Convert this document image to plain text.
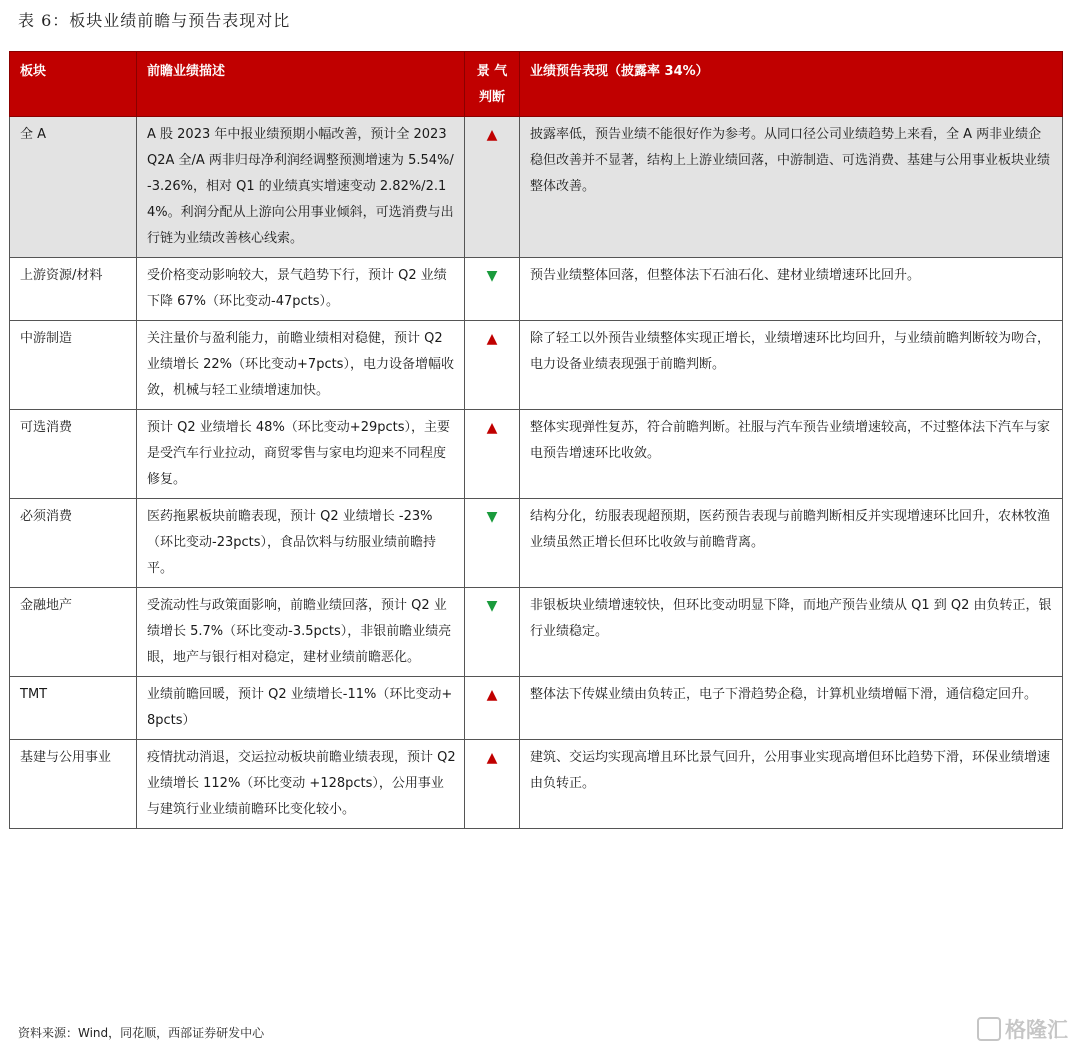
表 6：板块业绩前瞻与预告表现对比
板块	前瞻业绩描述	景 气 判断	业绩预告表现（披露率 34%）
全 A	A 股 2023 年中报业绩预期小幅改善，预计全 2023Q2A 全/A 两非归母净利润经调整预测增速为 5.54%/-3.26%，相对 Q1 的业绩真实增速变动 2.82%/2.14%。利润分配从上游向公用事业倾斜，可选消费与出行链为业绩改善核心线索。	▲	披露率低，预告业绩不能很好作为参考。从同口径公司业绩趋势上来看，全 A 两非业绩企稳但改善并不显著，结构上上游业绩回落，中游制造、可选消费、基建与公用事业板块业绩整体改善。
上游资源/材料	受价格变动影响较大，景气趋势下行，预计 Q2 业绩下降 67%（环比变动-47pcts）。	▼	预告业绩整体回落，但整体法下石油石化、建材业绩增速环比回升。
中游制造	关注量价与盈利能力，前瞻业绩相对稳健，预计 Q2 业绩增长 22%（环比变动+7pcts），电力设备增幅收敛，机械与轻工业绩增速加快。	▲	除了轻工以外预告业绩整体实现正增长，业绩增速环比均回升，与业绩前瞻判断较为吻合，电力设备业绩表现强于前瞻判断。
可选消费	预计 Q2 业绩增长 48%（环比变动+29pcts），主要是受汽车行业拉动，商贸零售与家电均迎来不同程度修复。	▲	整体实现弹性复苏，符合前瞻判断。社服与汽车预告业绩增速较高，不过整体法下汽车与家电预告增速环比收敛。
必须消费	医药拖累板块前瞻表现，预计 Q2 业绩增长 -23%（环比变动-23pcts），食品饮料与纺服业绩前瞻持平。	▼	结构分化，纺服表现超预期，医药预告表现与前瞻判断相反并实现增速环比回升，农林牧渔业绩虽然正增长但环比收敛与前瞻背离。
金融地产	受流动性与政策面影响，前瞻业绩回落，预计 Q2 业绩增长 5.7%（环比变动-3.5pcts），非银前瞻业绩亮眼，地产与银行相对稳定，建材业绩前瞻恶化。	▼	非银板块业绩增速较快，但环比变动明显下降，而地产预告业绩从 Q1 到 Q2 由负转正，银行业绩稳定。
TMT	业绩前瞻回暖，预计 Q2 业绩增长-11%（环比变动+8pcts）	▲	整体法下传媒业绩由负转正，电子下滑趋势企稳，计算机业绩增幅下滑，通信稳定回升。
基建与公用事业	疫情扰动消退，交运拉动板块前瞻业绩表现，预计 Q2 业绩增长 112%（环比变动 +128pcts），公用事业与建筑行业业绩前瞻环比变化较小。	▲	建筑、交运均实现高增且环比景气回升，公用事业实现高增但环比趋势下滑，环保业绩增速由负转正。
资料来源：Wind，同花顺，西部证券研发中心	格隆汇
